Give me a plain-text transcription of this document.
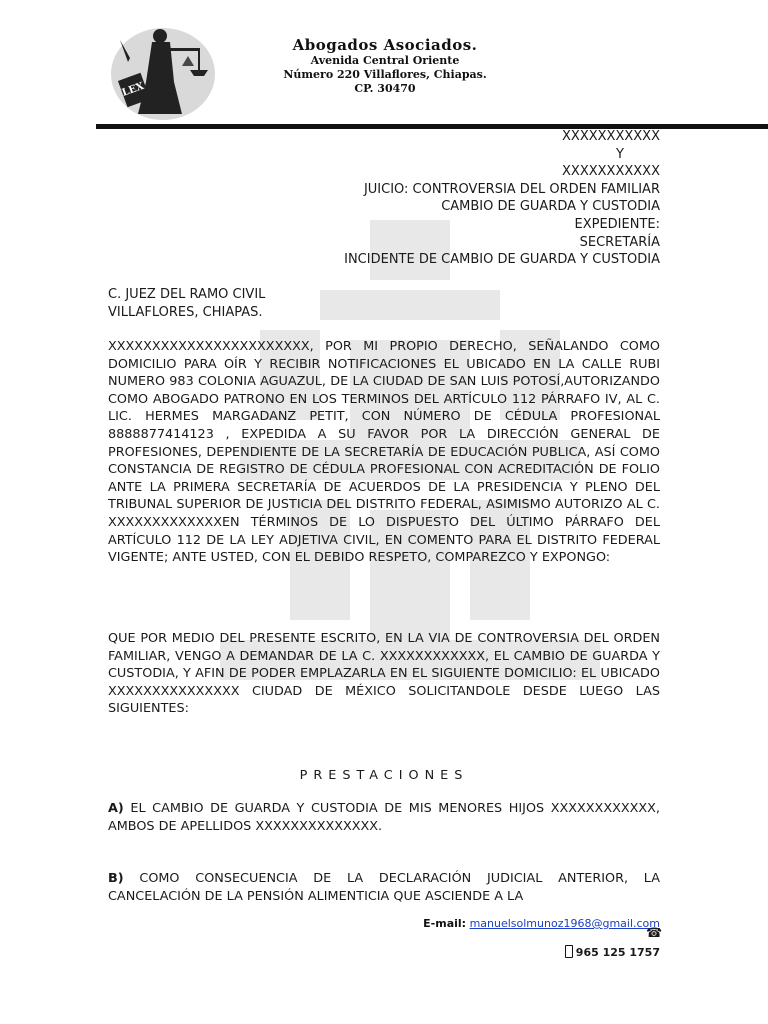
LEX
Abogados Asociados.
Avenida Central Oriente
Número 220 Villaflores, Chiapas.
CP. 30470
XXXXXXXXXXX
Y
XXXXXXXXXXX
JUICIO: CONTROVERSIA DEL ORDEN FAMILIAR
CAMBIO DE GUARDA Y CUSTODIA
EXPEDIENTE:
SECRETARÍA
INCIDENTE DE CAMBIO DE GUARDA Y CUSTODIA
C. JUEZ DEL RAMO CIVIL
VILLAFLORES, CHIAPAS.

XXXXXXXXXXXXXXXXXXXXXXX, POR MI PROPIO DERECHO, SEÑALANDO COMO DOMICILIO PARA OÍR Y RECIBIR NOTIFICACIONES EL UBICADO EN LA CALLE RUBI NUMERO 983 COLONIA AGUAZUL, DE LA CIUDAD DE SAN LUIS POTOSÍ,AUTORIZANDO COMO ABOGADO PATRONO EN LOS TERMINOS DEL ARTÍCULO 112 PÁRRAFO IV, AL C. LIC. HERMES MARGADANZ PETIT, CON NÚMERO DE CÉDULA PROFESIONAL 8888877414123 , EXPEDIDA A SU FAVOR POR LA DIRECCIÓN GENERAL DE PROFESIONES, DEPENDIENTE DE LA SECRETARÍA DE EDUCACIÓN PUBLICA, ASÍ COMO CONSTANCIA DE REGISTRO DE CÉDULA PROFESIONAL CON ACREDITACIÓN DE FOLIO ANTE LA PRIMERA SECRETARÍA DE ACUERDOS DE LA PRESIDENCIA Y PLENO DEL TRIBUNAL SUPERIOR DE JUSTICIA DEL DISTRITO FEDERAL, ASIMISMO AUTORIZO AL C. XXXXXXXXXXXXXEN TÉRMINOS DE LO DISPUESTO DEL ÚLTIMO PÁRRAFO DEL ARTÍCULO 112 DE LA LEY ADJETIVA CIVIL, EN COMENTO PARA EL DISTRITO FEDERAL VIGENTE; ANTE USTED, CON EL DEBIDO RESPETO, COMPAREZCO Y EXPONGO:

QUE POR MEDIO DEL PRESENTE ESCRITO, EN LA VIA DE CONTROVERSIA DEL ORDEN FAMILIAR, VENGO A DEMANDAR DE LA C. XXXXXXXXXXXX, EL CAMBIO DE GUARDA Y CUSTODIA, Y AFIN DE PODER EMPLAZARLA EN EL SIGUIENTE DOMICILIO: EL UBICADO XXXXXXXXXXXXXXX CIUDAD DE MÉXICO SOLICITANDOLE DESDE LUEGO LAS SIGUIENTES:

PRESTACIONES

A) EL CAMBIO DE GUARDA Y CUSTODIA DE MIS MENORES HIJOS XXXXXXXXXXXX, AMBOS DE APELLIDOS XXXXXXXXXXXXXX.

B) COMO CONSECUENCIA DE LA DECLARACIÓN JUDICIAL ANTERIOR, LA CANCELACIÓN DE LA PENSIÓN ALIMENTICIA QUE ASCIENDE A LA

E-mail: manuelsolmunoz1968@gmail.com
☎
965 125 1757
